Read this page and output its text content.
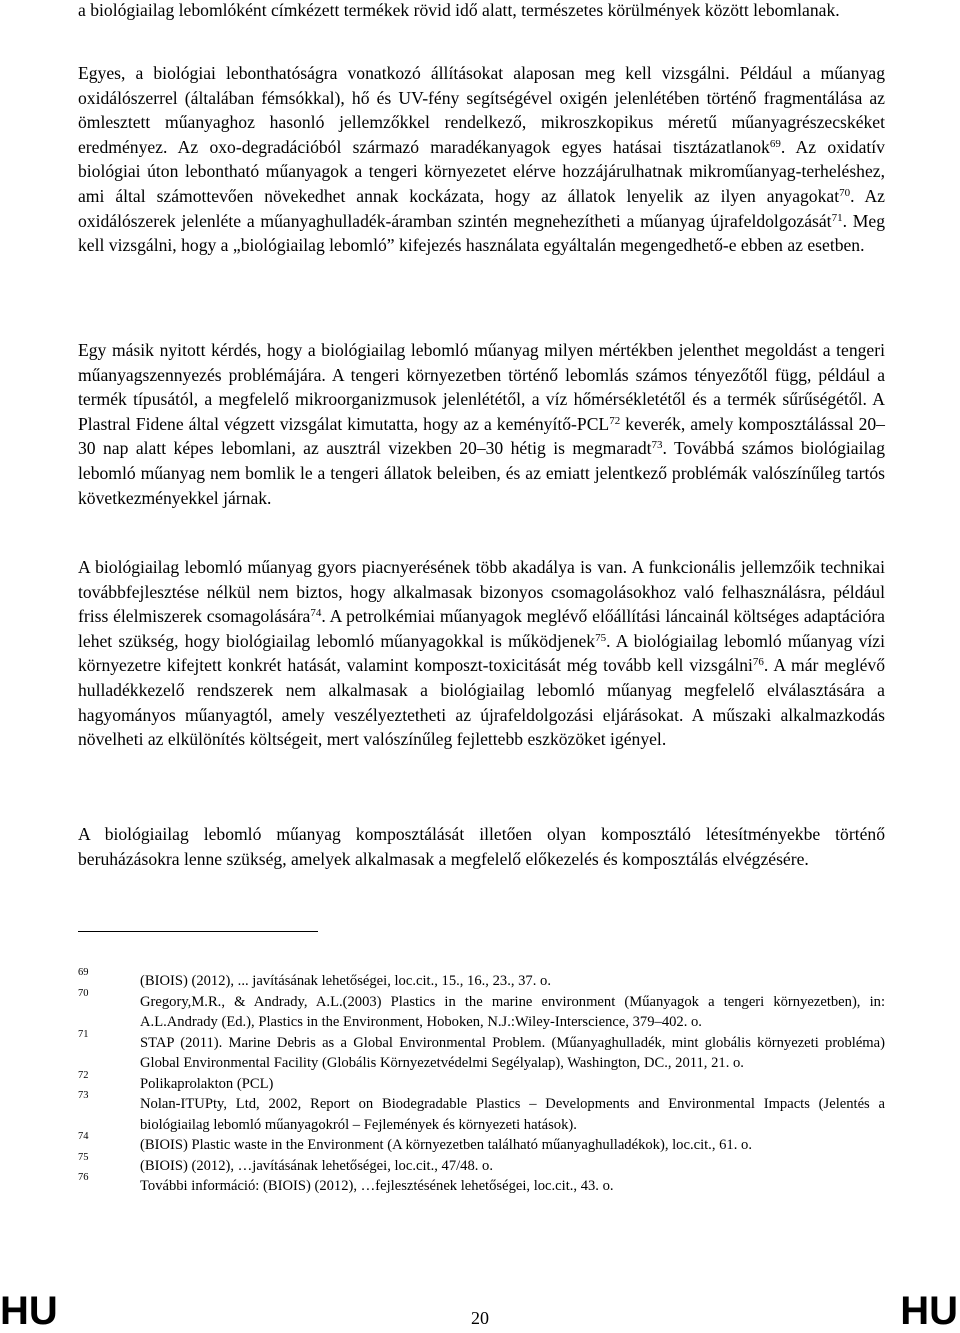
a biológiailag lebomlóként címkézett termékek rövid idő alatt, természetes körülmények között lebomlanak.

Egyes, a biológiai lebonthatóságra vonatkozó állításokat alaposan meg kell vizsgálni. Például a műanyag oxidálószerrel (általában fémsókkal), hő és UV-fény segítségével oxigén jelenlétében történő fragmentálása az ömlesztett műanyaghoz hasonló jellemzőkkel rendelkező, mikroszkopikus méretű műanyagrészecskéket eredményez. Az oxo-degradációból származó maradékanyagok egyes hatásai tisztázatlanok$^{69}$. Az oxidatív biológiai úton lebontható műanyagok a tengeri környezetet elérve hozzájárulhatnak mikroműanyag-terheléshez, ami által számottevően növekedhet annak kockázata, hogy az állatok lenyelik az ilyen anyagokat$^{70}$. Az oxidálószerek jelenléte a műanyaghulladék-áramban szintén megnehezítheti a műanyag újrafeldolgozását$^{71}$. Meg kell vizsgálni, hogy a „biológiailag lebomló” kifejezés használata egyáltalán megengedhető-e ebben az esetben.

Egy másik nyitott kérdés, hogy a biológiailag lebomló műanyag milyen mértékben jelenthet megoldást a tengeri műanyagszennyezés problémájára. A tengeri környezetben történő lebomlás számos tényezőtől függ, például a termék típusától, a megfelelő mikroorganizmusok jelenlététől, a víz hőmérsékletétől és a termék sűrűségétől. A Plastral Fidene által végzett vizsgálat kimutatta, hogy az a keményítő-PCL$^{72}$ keverék, amely komposztálással 20–30 nap alatt képes lebomlani, az ausztrál vizekben 20–30 hétig is megmaradt$^{73}$. Továbbá számos biológiailag lebomló műanyag nem bomlik le a tengeri állatok beleiben, és az emiatt jelentkező problémák valószínűleg tartós következményekkel járnak.

A biológiailag lebomló műanyag gyors piacnyerésének több akadálya is van. A funkcionális jellemzőik technikai továbbfejlesztése nélkül nem biztos, hogy alkalmasak bizonyos csomagolásokhoz való felhasználásra, például friss élelmiszerek csomagolására$^{74}$. A petrolkémiai műanyagok meglévő előállítási láncainál költséges adaptációra lehet szükség, hogy biológiailag lebomló műanyagokkal is működjenek$^{75}$. A biológiailag lebomló műanyag vízi környezetre kifejtett konkrét hatását, valamint komposzt-toxicitását még tovább kell vizsgálni$^{76}$. A már meglévő hulladékkezelő rendszerek nem alkalmasak a biológiailag lebomló műanyag megfelelő elválasztására a hagyományos műanyagtól, amely veszélyeztetheti az újrafeldolgozási eljárásokat. A műszaki alkalmazkodás növelheti az elkülönítés költségeit, mert valószínűleg fejlettebb eszközöket igényel.

A biológiailag lebomló műanyag komposztálását illetően olyan komposztáló létesítményekbe történő beruházásokra lenne szükség, amelyek alkalmasak a megfelelő előkezelés és komposztálás elvégzésére.

69
(BIOIS) (2012), ... javításának lehetőségei, loc.cit., 15., 16., 23., 37. o.
70
Gregory,M.R., & Andrady, A.L.(2003) Plastics in the marine environment (Műanyagok a tengeri környezetben), in: A.L.Andrady (Ed.), Plastics in the Environment, Hoboken, N.J.:Wiley-Interscience, 379–402. o.
71
STAP (2011). Marine Debris as a Global Environmental Problem. (Műanyaghulladék, mint globális környezeti probléma) Global Environmental Facility (Globális Környezetvédelmi Segélyalap), Washington, DC., 2011, 21. o.
72
Polikaprolakton (PCL)
73
Nolan-ITUPty, Ltd, 2002, Report on Biodegradable Plastics – Developments and Environmental Impacts (Jelentés a biológiailag lebomló műanyagokról – Fejlemények és környezeti hatások).
74
(BIOIS) Plastic waste in the Environment (A környezetben található műanyaghulladékok), loc.cit., 61. o.
75
(BIOIS) (2012), …javításának lehetőségei, loc.cit., 47/48. o.
76
További információ: (BIOIS) (2012), …fejlesztésének lehetőségei, loc.cit., 43. o.
HU	20	HU
